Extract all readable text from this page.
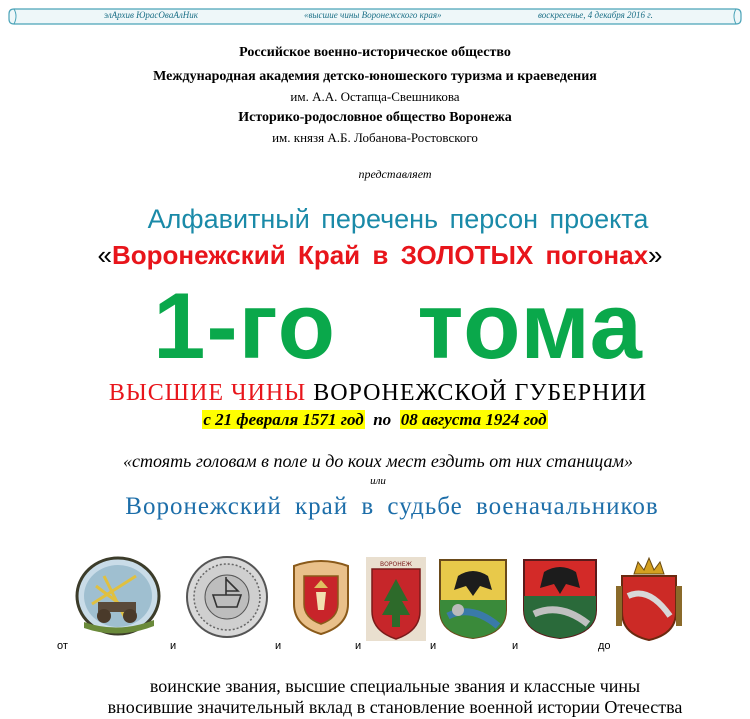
элАрхив ЮрасОвaАлНик	«высшие чины Воронежского края»	воскресенье, 4 декабря 2016 г.
Российское военно-историческое общество
Международная академия детско-юношеского туризма и краеведения
им. А.А. Остапца-Свешникова
Историко-родословное общество Воронежа
им. князя А.Б. Лобанова-Ростовского
представляет
Алфавитный перечень персон проекта
«Воронежский Край в ЗОЛОТЫХ погонах»
1-го   тома
ВЫСШИЕ ЧИНЫ ВОРОНЕЖСКОЙ ГУБЕРНИИ
с 21 февраля 1571 год по 08 августа 1924 год
«стоять головам в поле и до коих мест ездить от них станицам»
или
Воронежский край в судьбе военачальников
ВОРОНЕЖ
от	и	и	и	и	и	до
воинские звания, высшие специальные звания и классные чины
вносившие значительный вклад в становление военной истории Отечества
